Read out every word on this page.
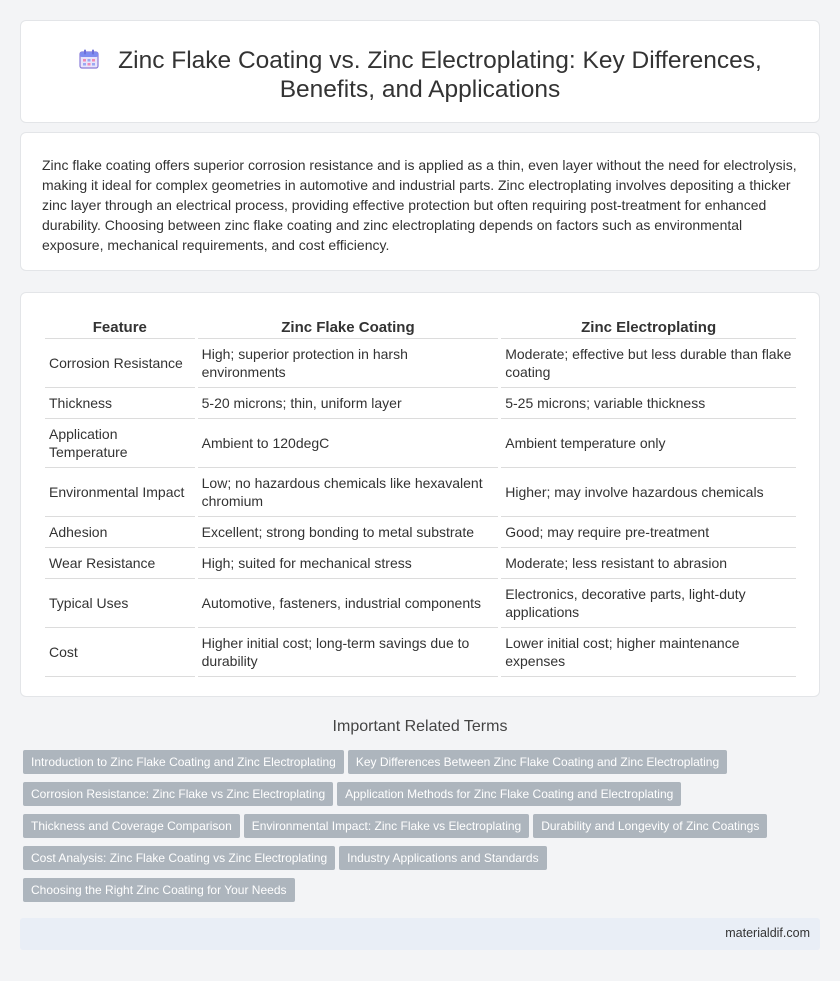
Zinc Flake Coating vs. Zinc Electroplating: Key Differences, Benefits, and Applications

Zinc flake coating offers superior corrosion resistance and is applied as a thin, even layer without the need for electrolysis, making it ideal for complex geometries in automotive and industrial parts. Zinc electroplating involves depositing a thicker zinc layer through an electrical process, providing effective protection but often requiring post-treatment for enhanced durability. Choosing between zinc flake coating and zinc electroplating depends on factors such as environmental exposure, mechanical requirements, and cost efficiency.

Feature	Zinc Flake Coating	Zinc Electroplating
Corrosion Resistance	High; superior protection in harsh environments	Moderate; effective but less durable than flake coating
Thickness	5-20 microns; thin, uniform layer	5-25 microns; variable thickness
Application Temperature	Ambient to 120degC	Ambient temperature only
Environmental Impact	Low; no hazardous chemicals like hexavalent chromium	Higher; may involve hazardous chemicals
Adhesion	Excellent; strong bonding to metal substrate	Good; may require pre-treatment
Wear Resistance	High; suited for mechanical stress	Moderate; less resistant to abrasion
Typical Uses	Automotive, fasteners, industrial components	Electronics, decorative parts, light-duty applications
Cost	Higher initial cost; long-term savings due to durability	Lower initial cost; higher maintenance expenses
Important Related Terms
Introduction to Zinc Flake Coating and Zinc Electroplating Key Differences Between Zinc Flake Coating and Zinc Electroplating
Corrosion Resistance: Zinc Flake vs Zinc Electroplating Application Methods for Zinc Flake Coating and Electroplating
Thickness and Coverage Comparison Environmental Impact: Zinc Flake vs Electroplating Durability and Longevity of Zinc Coatings
Cost Analysis: Zinc Flake Coating vs Zinc Electroplating Industry Applications and Standards
Choosing the Right Zinc Coating for Your Needs
materialdif.com
